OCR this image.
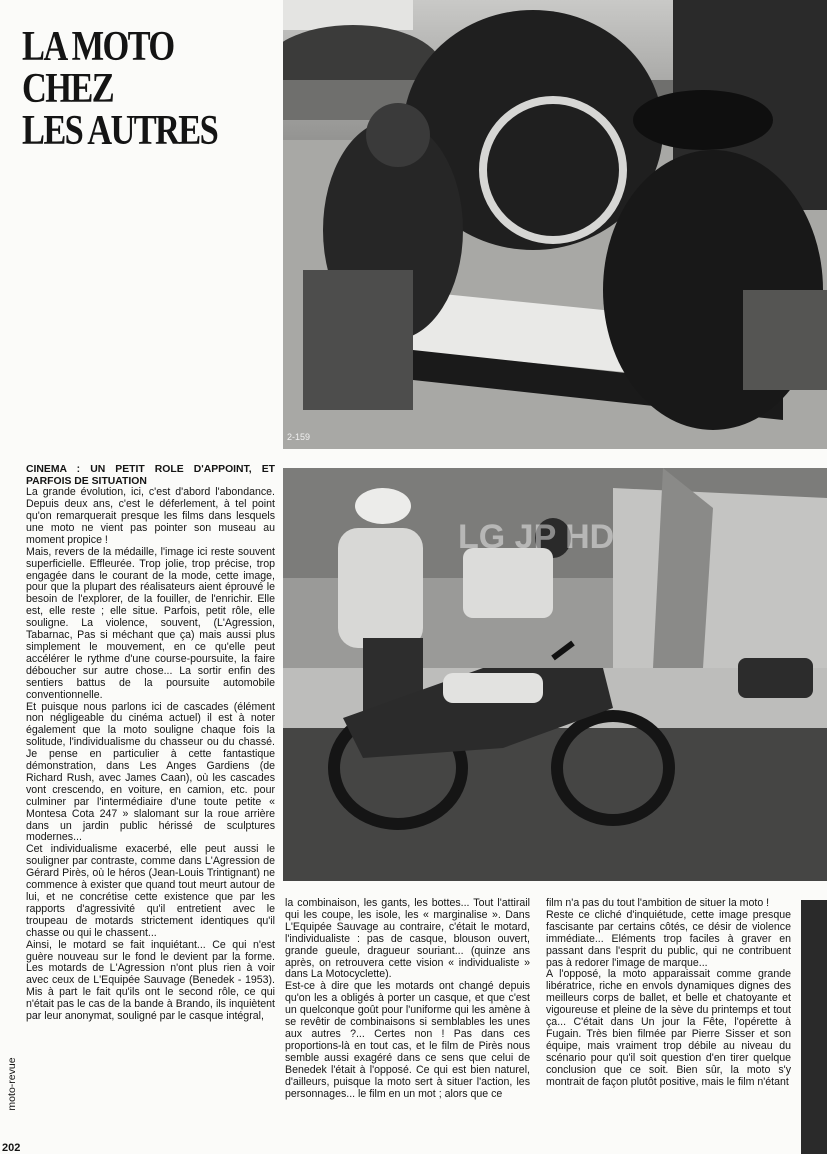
LA MOTO
CHEZ
LES AUTRES
2-159
LG JP HD

CINEMA : UN PETIT ROLE D'APPOINT, ET PARFOIS DE SITUATION

La grande évolution, ici, c'est d'abord l'abondance. Depuis deux ans, c'est le déferlement, à tel point qu'on remarquerait presque les films dans lesquels une moto ne vient pas pointer son museau au moment propice !

Mais, revers de la médaille, l'image ici reste souvent superficielle. Effleurée. Trop jolie, trop précise, trop engagée dans le courant de la mode, cette image, pour que la plupart des réalisateurs aient éprouvé le besoin de l'explorer, de la fouiller, de l'enrichir. Elle est, elle reste ; elle situe. Parfois, petit rôle, elle souligne. La violence, souvent, (L'Agression, Tabarnac, Pas si méchant que ça) mais aussi plus simplement le mouvement, en ce qu'elle peut accélérer le rythme d'une course-poursuite, la faire déboucher sur autre chose... La sortir enfin des sentiers battus de la poursuite automobile conventionnelle.

Et puisque nous parlons ici de cascades (élément non négligeable du cinéma actuel) il est à noter également que la moto souligne chaque fois la solitude, l'individualisme du chasseur ou du chassé. Je pense en particulier à cette fantastique démonstration, dans Les Anges Gardiens (de Richard Rush, avec James Caan), où les cascades vont crescendo, en voiture, en camion, etc. pour culminer par l'intermédiaire d'une toute petite « Montesa Cota 247 » slalomant sur la roue arrière dans un jardin public hérissé de sculptures modernes...

Cet individualisme exacerbé, elle peut aussi le souligner par contraste, comme dans L'Agression de Gérard Pirès, où le héros (Jean-Louis Trintignant) ne commence à exister que quand tout meurt autour de lui, et ne concrétise cette existence que par les rapports d'agressivité qu'il entretient avec le troupeau de motards strictement identiques qu'il chasse ou qui le chassent...

Ainsi, le motard se fait inquiétant... Ce qui n'est guère nouveau sur le fond le devient par la forme. Les motards de L'Agression n'ont plus rien à voir avec ceux de L'Equipée Sauvage (Benedek - 1953). Mis à part le fait qu'ils ont le second rôle, ce qui n'était pas le cas de la bande à Brando, ils inquiètent par leur anonymat, souligné par le casque intégral,

la combinaison, les gants, les bottes... Tout l'attirail qui les coupe, les isole, les « marginalise ». Dans L'Equipée Sauvage au contraire, c'était le motard, l'individualiste : pas de casque, blouson ouvert, grande gueule, dragueur souriant... (quinze ans après, on retrouvera cette vision « individualiste » dans La Motocyclette).

Est-ce à dire que les motards ont changé depuis qu'on les a obligés à porter un casque, et que c'est un quelconque goût pour l'uniforme qui les amène à se revêtir de combinaisons si semblables les unes aux autres ?... Certes non ! Pas dans ces proportions-là en tout cas, et le film de Pirès nous semble aussi exagéré dans ce sens que celui de Benedek l'était à l'opposé. Ce qui est bien naturel, d'ailleurs, puisque la moto sert à situer l'action, les personnages... le film en un mot ; alors que ce

film n'a pas du tout l'ambition de situer la moto !

Reste ce cliché d'inquiétude, cette image presque fascisante par certains côtés, ce désir de violence immédiate... Eléments trop faciles à graver en passant dans l'esprit du public, qui ne contribuent pas à redorer l'image de marque...

A l'opposé, la moto apparaissait comme grande libératrice, riche en envols dynamiques dignes des meilleurs corps de ballet, et belle et chatoyante et vigoureuse et pleine de la sève du printemps et tout ça... C'était dans Un jour la Fête, l'opérette à Fugain. Très bien filmée par Pierre Sisser et son équipe, mais vraiment trop débile au niveau du scénario pour qu'il soit question d'en tirer quelque conclusion que ce soit. Bien sûr, la moto s'y montrait de façon plutôt positive, mais le film n'étant

moto-revue
202
